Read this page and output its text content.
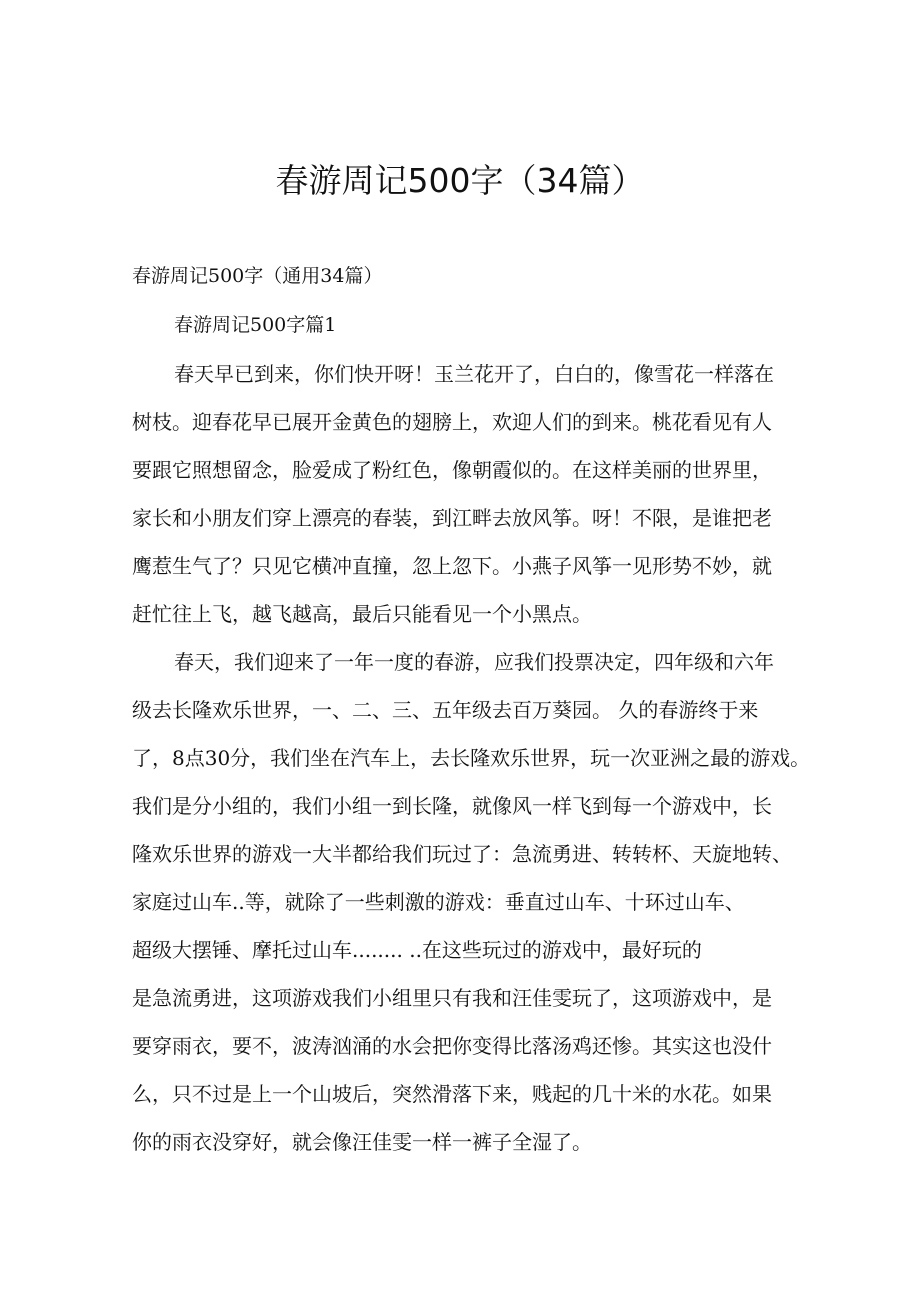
春游周记500字（34篇）

春游周记500字（通用34篇）

春游周记500字篇1

春天早已到来，你们快开呀！玉兰花开了，白白的，像雪花一样落在
树枝。迎春花早已展开金黄色的翅膀上，欢迎人们的到来。桃花看见有人
要跟它照想留念，脸爱成了粉红色，像朝霞似的。在这样美丽的世界里，
家长和小朋友们穿上漂亮的春装，到江畔去放风筝。呀！不限，是谁把老
鹰惹生气了？只见它横冲直撞，忽上忽下。小燕子风筝一见形势不妙，就
赶忙往上飞，越飞越高，最后只能看见一个小黑点。
春天，我们迎来了一年一度的春游，应我们投票决定，四年级和六年
级去长隆欢乐世界，一、二、三、五年级去百万葵园。 久的春游终于来
了，8点30分，我们坐在汽车上，去长隆欢乐世界，玩一次亚洲之最的游戏。
我们是分小组的，我们小组一到长隆，就像风一样飞到每一个游戏中，长
隆欢乐世界的游戏一大半都给我们玩过了：急流勇进、转转杯、天旋地转、
家庭过山车..等，就除了一些刺激的游戏：垂直过山车、十环过山车、
超级大摆锤、摩托过山车........ ..在这些玩过的游戏中，最好玩的
是急流勇进，这项游戏我们小组里只有我和汪佳雯玩了，这项游戏中，是
要穿雨衣，要不，波涛汹涌的水会把你变得比落汤鸡还惨。其实这也没什
么，只不过是上一个山坡后，突然滑落下来，贱起的几十米的水花。如果
你的雨衣没穿好，就会像汪佳雯一样一裤子全湿了。
